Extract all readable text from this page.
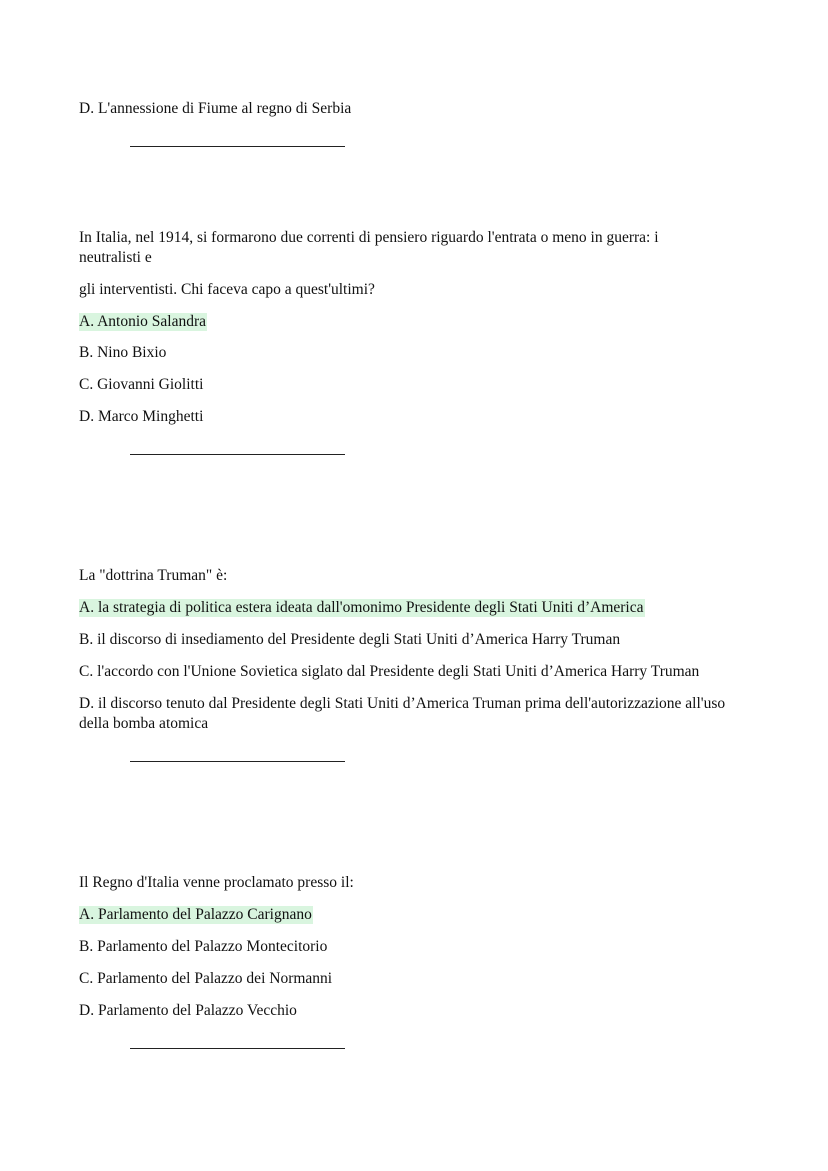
D. L'annessione di Fiume al regno di Serbia
In Italia, nel 1914, si formarono due correnti di pensiero riguardo l'entrata o meno in guerra: i
neutralisti e
gli interventisti. Chi faceva capo a quest'ultimi?
A. Antonio Salandra
B. Nino Bixio
C. Giovanni Giolitti
D. Marco Minghetti
La "dottrina Truman" è:
A. la strategia di politica estera ideata dall'omonimo Presidente degli Stati Uniti d’America
B. il discorso di insediamento del Presidente degli Stati Uniti d’America Harry Truman
C. l'accordo con l'Unione Sovietica siglato dal Presidente degli Stati Uniti d’America Harry Truman
D. il discorso tenuto dal Presidente degli Stati Uniti d’America Truman prima dell'autorizzazione all'uso della bomba atomica
Il Regno d'Italia venne proclamato presso il:
A. Parlamento del Palazzo Carignano
B. Parlamento del Palazzo Montecitorio
C. Parlamento del Palazzo dei Normanni
D. Parlamento del Palazzo Vecchio
